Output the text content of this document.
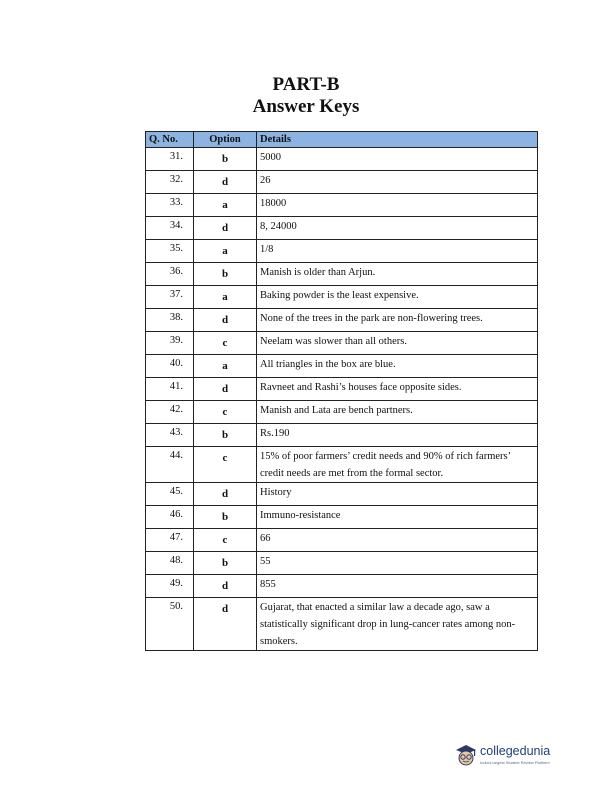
PART-B
Answer Keys
Q. No.	Option	Details
31.	b	5000
32.	d	26
33.	a	18000
34.	d	8, 24000
35.	a	1/8
36.	b	Manish is older than Arjun.
37.	a	Baking powder is the least expensive.
38.	d	None of the trees in the park are non-flowering trees.
39.	c	Neelam was slower than all others.
40.	a	All triangles in the box are blue.
41.	d	Ravneet and Rashi’s houses face opposite sides.
42.	c	Manish and Lata are bench partners.
43.	b	Rs.190
44.	c	15% of poor farmers’ credit needs and 90% of rich farmers’ credit needs are met from the formal sector.
45.	d	History
46.	b	Immuno-resistance
47.	c	66
48.	b	55
49.	d	855
50.	d	Gujarat, that enacted a similar law a decade ago, saw a statistically significant drop in lung-cancer rates among non-smokers.
collegedunia
India's largest Student Review Platform
